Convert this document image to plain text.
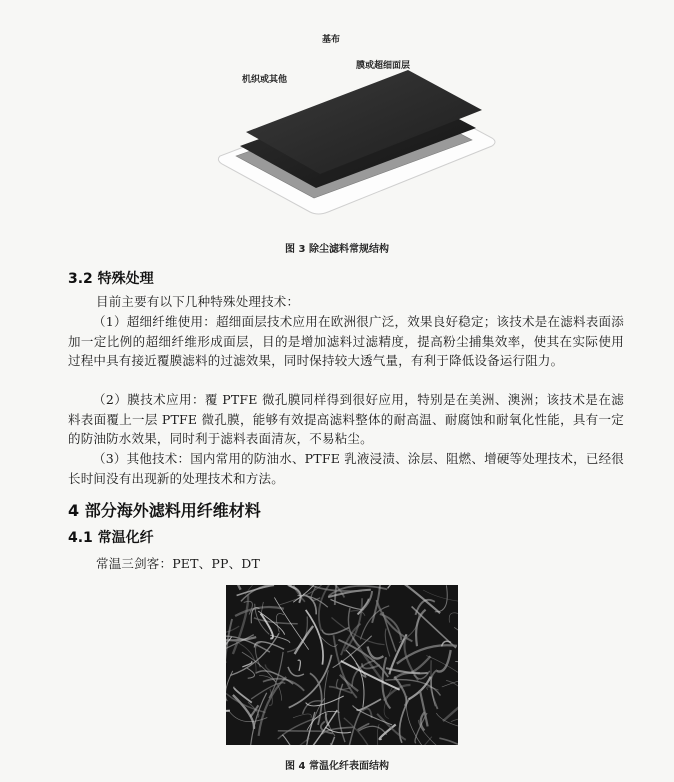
基布
膜或超细面层
机织或其他
图 3 除尘滤料常规结构
3.2 特殊处理
目前主要有以下几种特殊处理技术：
（1）超细纤维使用：超细面层技术应用在欧洲很广泛，效果良好稳定；该技术是在滤料表面添加一定比例的超细纤维形成面层，目的是增加滤料过滤精度，提高粉尘捕集效率，使其在实际使用过程中具有接近覆膜滤料的过滤效果，同时保持较大透气量，有利于降低设备运行阻力。
（2）膜技术应用：覆 PTFE 微孔膜同样得到很好应用，特别是在美洲、澳洲；该技术是在滤料表面覆上一层 PTFE 微孔膜，能够有效提高滤料整体的耐高温、耐腐蚀和耐氧化性能，具有一定的防油防水效果，同时利于滤料表面清灰，不易粘尘。
（3）其他技术：国内常用的防油水、PTFE 乳液浸渍、涂层、阻燃、增硬等处理技术，已经很长时间没有出现新的处理技术和方法。
4 部分海外滤料用纤维材料
4.1 常温化纤
常温三剑客：PET、PP、DT
图 4 常温化纤表面结构
